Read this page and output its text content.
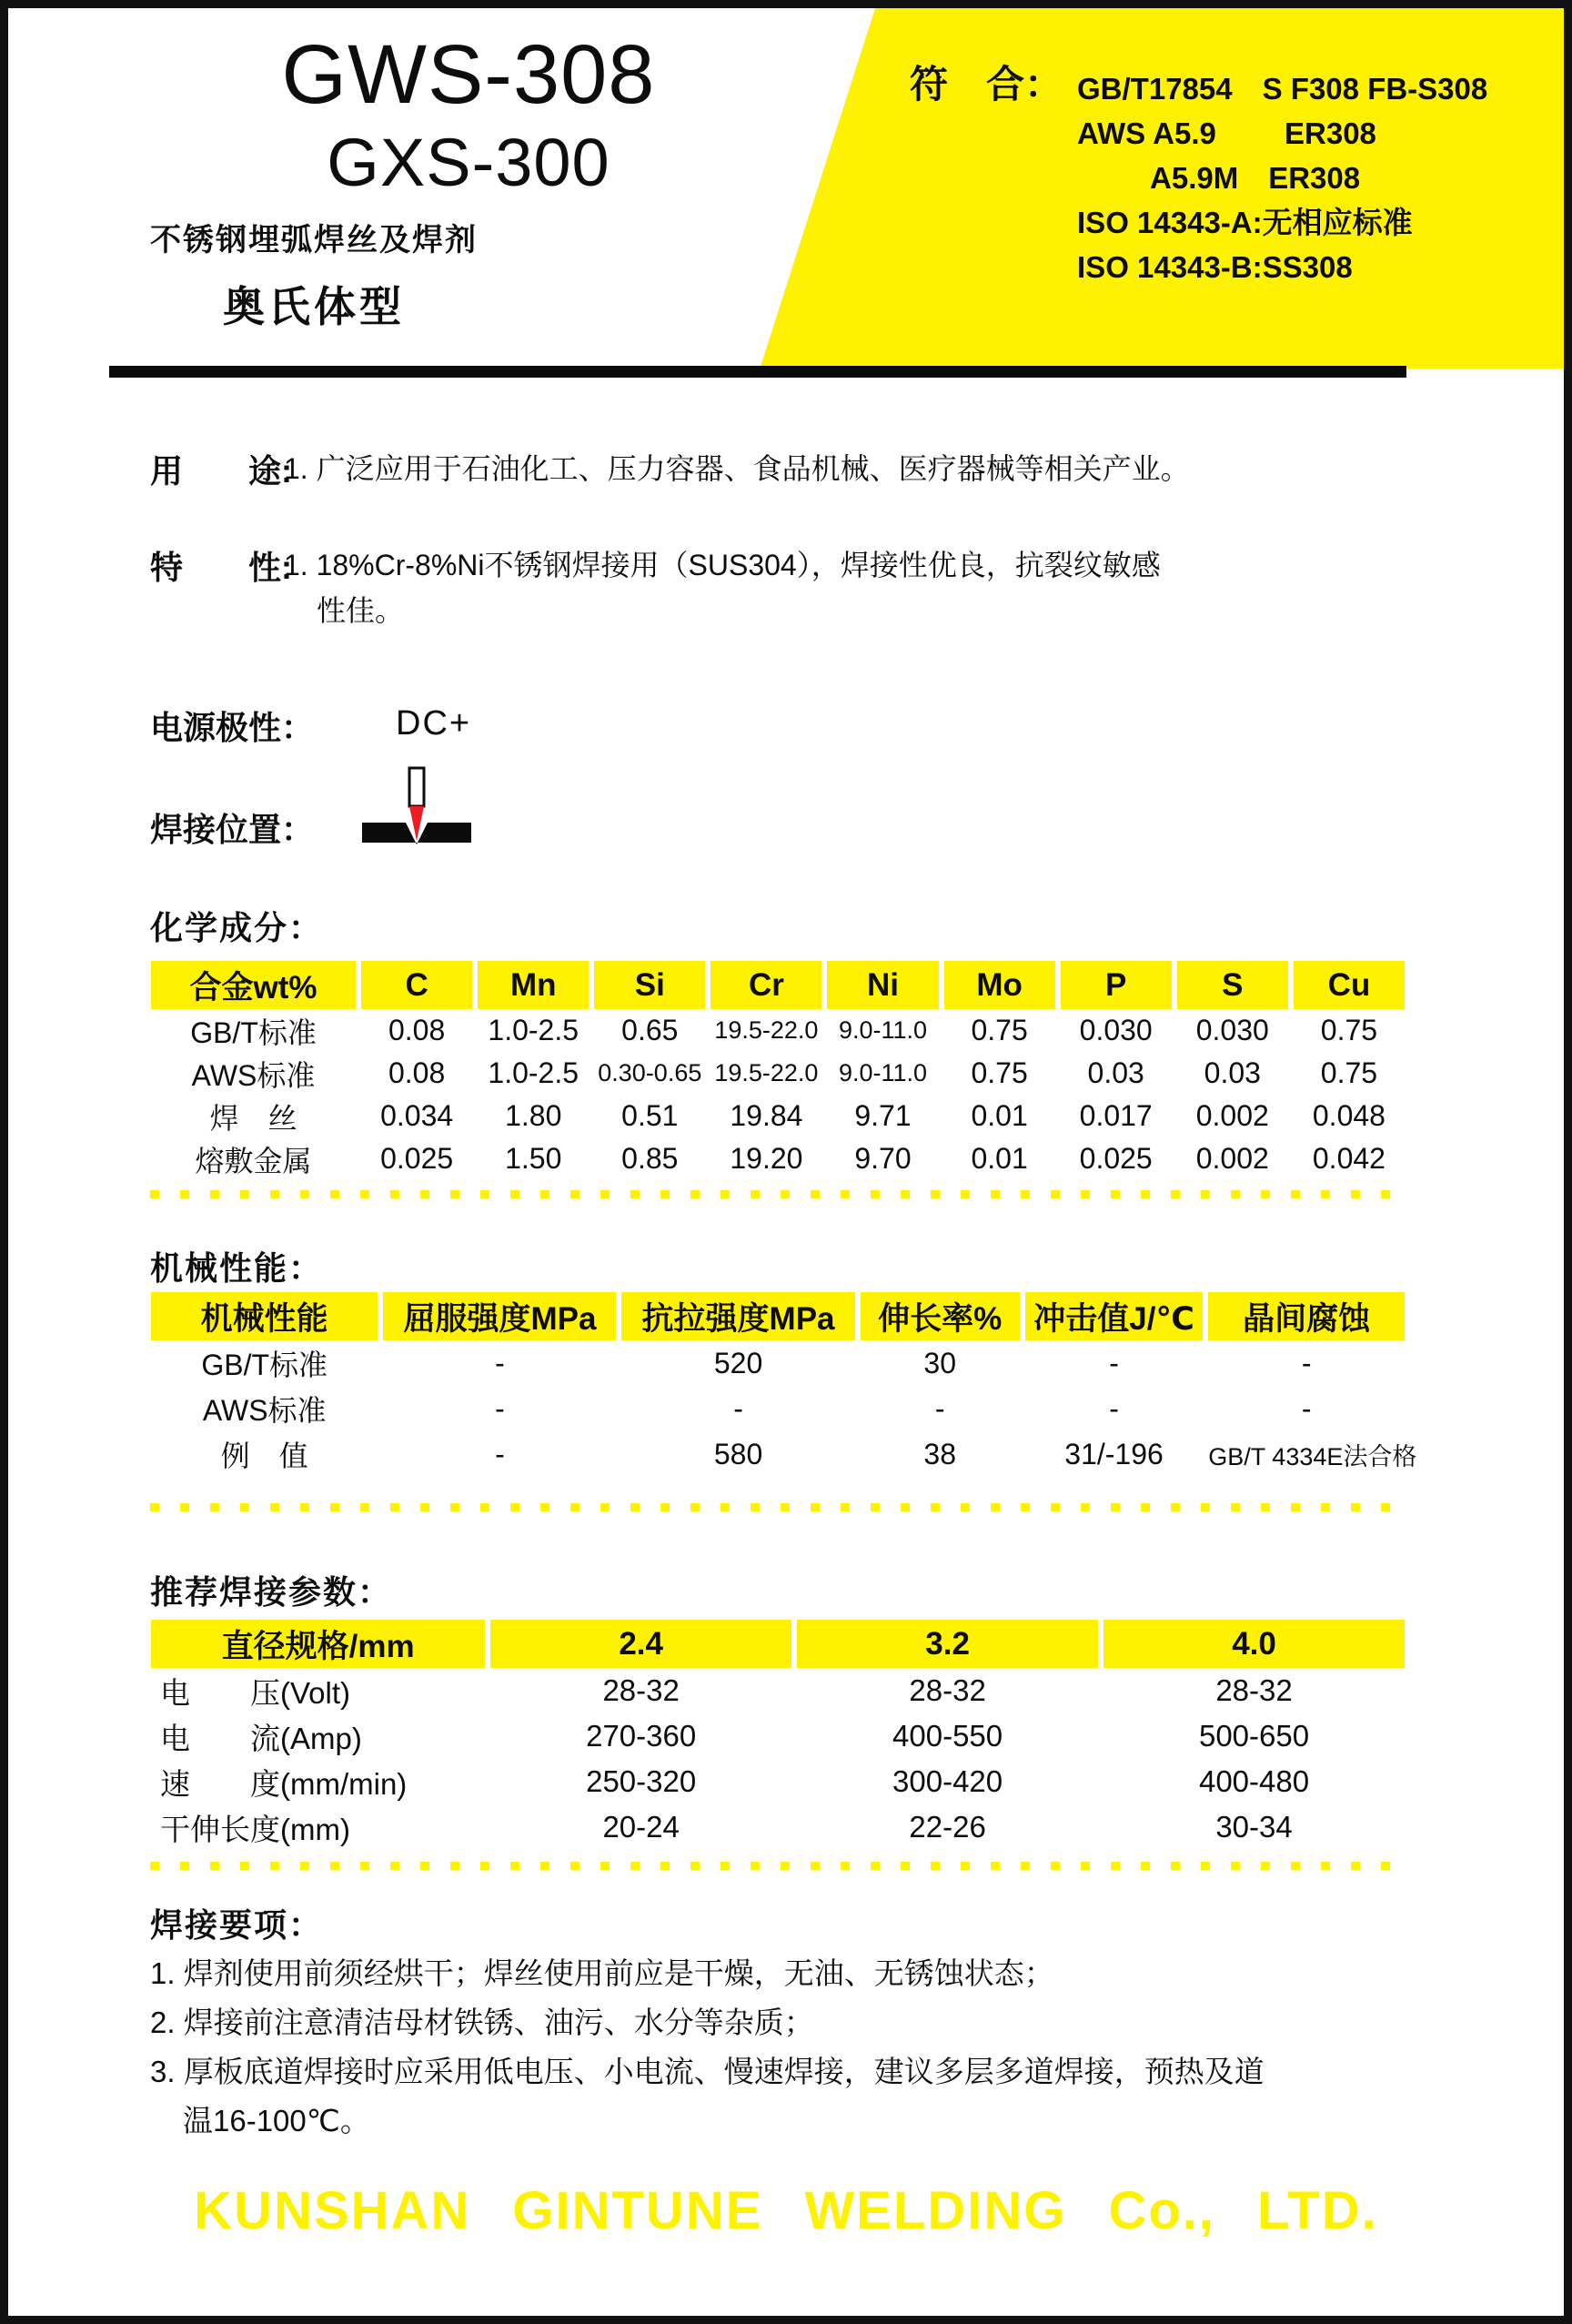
GWS-308
GXS-300
不锈钢埋弧焊丝及焊剂
奥氏体型
符　合： GB/T17854　S F308 FB-S308
AWS A5.9　 　ER308
A5.9M　ER308
ISO 14343-A:无相应标准
ISO 14343-B:SS308
用　　途:
1. 广泛应用于石油化工、压力容器、食品机械、医疗器械等相关产业。
特　　性:
1. 18%Cr-8%Ni不锈钢焊接用（SUS304），焊接性优良，抗裂纹敏感
性佳。
电源极性： DC+
焊接位置：
化学成分：
合金wt%	C	Mn	Si	Cr	Ni	Mo	P	S	Cu
GB/T标准	0.08	1.0-2.5	0.65	19.5-22.0	9.0-11.0	0.75	0.030	0.030	0.75
AWS标准	0.08	1.0-2.5	0.30-0.65	19.5-22.0	9.0-11.0	0.75	0.03	0.03	0.75
焊　丝	0.034	1.80	0.51	19.84	9.71	0.01	0.017	0.002	0.048
熔敷金属	0.025	1.50	0.85	19.20	9.70	0.01	0.025	0.002	0.042
机械性能：
机械性能	屈服强度MPa	抗拉强度MPa	伸长率%	冲击值J/℃	晶间腐蚀
GB/T标准	-	520	30	-	-
AWS标准	-	-	-	-	-
例　值	-	580	38	31/-196	GB/T 4334E法合格
推荐焊接参数：
直径规格/mm	2.4	3.2	4.0
电　　压(Volt)	28-32	28-32	28-32
电　　流(Amp)	270-360	400-550	500-650
速　　度(mm/min)	250-320	300-420	400-480
干伸长度(mm)	20-24	22-26	30-34
焊接要项：
1. 焊剂使用前须经烘干；焊丝使用前应是干燥，无油、无锈蚀状态；
2. 焊接前注意清洁母材铁锈、油污、水分等杂质；
3. 厚板底道焊接时应采用低电压、小电流、慢速焊接，建议多层多道焊接，预热及道
温16-100℃。
KUNSHAN GINTUNE WELDING Co., LTD.
